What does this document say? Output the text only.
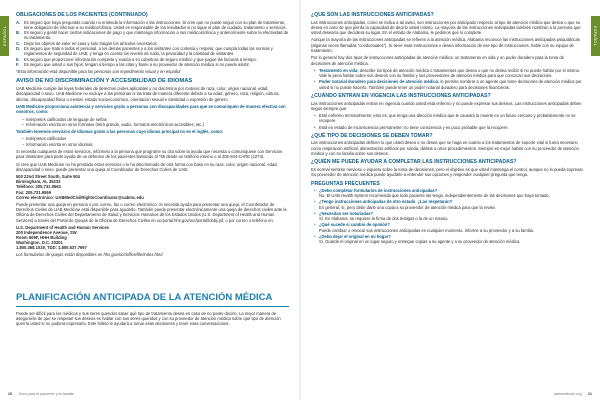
ESPAÑOL
OBLIGACIONES DE LOS PACIENTES (CONTINUADO)
A. Es seguro que haya preguntas cuando no entienda la información o las instrucciones. Si cree que no puede seguir con su plan de tratamiento, tiene obligación de informar a su médico/clínica. Usted es responsable de los resultados si no sigue el plan de cuidado, tratamiento o servicios.
B. Es seguro y gentil hacer ciertas indicaciones de pago y que mantenga información a sus médicos/clínica y anteriormente sobre la efectividad de su tratamiento.
C. Dejar los objetos de valor en casa y solo traigan los artículos necesarios.
D. Es seguro que trate a todos el personal, a los demás pacientes y a los visitantes con cortesía y respeto; que cumpla todas las normas y reglamentos de seguridad de UAB; y tenga en cuenta los niveles de ruido, la privacidad y la cantidad de visitantes.
E. Es seguro que proporcione información completa y exacta a su cobertura de seguro médico y que pague las facturas a tiempo.
F.	Es seguro que usted o sus hijos, tengan a tiempo a las citas y llame a su proveedor de atención médica si no puede asistir.

*Esta información está disponible para las personas con impedimento visual y en español

AVISO DE NO DISCRIMINACIÓN Y ACCESIBILIDAD DE IDIOMAS

UAB Medicine cumple las leyes federales de derechos civiles aplicables y no discrimina por motivos de raza, color, origen nacional, edad, discapacidad o sexo. UAB Medicine no excluye a las personas ni las trata de manera diferente debido a su edad, género, raza, religión, cultura, idioma, discapacidad física o mental, estado socioeconómico, orientación sexual e identidad o expresión de género.

UAB Medicine proporciona asistencia y servicios gratis a personas con discapacidades para que se comuniquen de manera efectiva con nosotros, como:

– Intérpretes calificados de lenguaje de señas
– Información escrita en otros formatos (letra grande, audio, formatos electrónicos accesibles, etc.)

También tenemos servicios de idiomas gratis a las personas cuyo idioma principal no es el inglés, como:

– Intérpretes calificados
– Información escrita en otros idiomas

Si necesita cualquiera de estos servicios, infórmelo a la persona que programe su cita sobre la ayuda que necesita o comuníquese con Servicios para Visitantes para pedir ayuda de un defensor de los pacientes llamando al *55 desde un teléfono interno o al 205-934-CARE (2273).

Si cree que UAB Medicine no ha prestado estos servicios o lo ha discriminado de otra forma con base en su raza, color, origen nacional, edad, discapacidad o sexo, puede presentar una queja al Coordinador de Derechos Civiles de UAB:

500 22nd Street South, Suite 504
Birmingham, AL 35233
Teléfono: 205.731.9563
Fax: 205.731.9559
Correo electrónico: UABMedCivilRightsCoordinator@uabmc.edu

Puede presentar una queja en persona o por correo, fax o correo electrónico. Si necesita ayuda para presentar una queja, el Coordinador de Derechos Civiles de UAB Medicine está disponible para ayudarlo. También puede presentar electrónicamente una queja de derechos civiles ante la Oficina de Derechos Civiles del Departamento de Salud y Servicios Humanos de los Estados Unidos (U.S. Department of Health and Human Services) a través del Portal de Quejas de la Oficina de Derechos Civiles en ocrportal.hhs.gov/ocr/portal/lobby.jsf, o por correo o teléfono en:

U.S. Department of Health and Human Services
200 Independence Avenue, SW
Room 509F, HHH Building
Washington, D.C. 20201
1.800.368.1019, TDD: 1.800.537.7697

Los formularios de quejas están disponibles en hhs.gov/ocr/office/file/index.html.

PLANIFICACIÓN ANTICIPADA DE LA ATENCIÓN MÉDICA

Puede ser difícil para los médicos y sus seres queridos saber qué tipo de tratamiento desea en caso de no poder decirlo. La mejor manera de asegurarse de que se respetan sus deseos es hablar con sus seres queridos y con su proveedor de atención médica sobre qué tipo de atención querría usted si no pudiera expresarlo. Este folleto le ayudará a tomar esas decisiones y tener esas conversaciones.

20 Guía para el paciente y la familia
ESPAÑOL
¿QUÉ SON LAS INSTRUCCIONES ANTICIPADAS?

Las instrucciones anticipadas, como se indica a tal aviso, son instrucciones por anticipado respecto al tipo de atención médica que desea o que no desea en caso de que pierda la capacidad de decirlo usted mismo. La mayoría de las instrucciones anticipadas también nombran a la persona que usted desearía que decidiera su lugar. En el estado de Alabama, le pedimos que lo complete.

Aunque la mayoría de las instrucciones anticipadas se refieren a la atención médica, Alabama reconoce las instrucciones anticipadas psiquiátricas (algunas veces llamadas "conductuales"). Si tiene esas instrucciones o desea información de ese tipo de instrucciones, hable con su equipo de tratamiento.

Por lo general hay dos tipos de instrucciones anticipadas de atención médica: un testamento en vida y un poder duradero para la toma de decisiones de atención médica.

• Testamento en vida: describe los tipos de atención médica o tratamientos que desea o que no desea recibir si no puede hablar por sí mismo. Vale la pena hablar sobre sus deseos con su familia y sus proveedores de atención médica para que conozcan sus decisiones.
• Poder notarial duradero para decisiones de atención médica: le permite nombrar a un agente que tome decisiones de atención médica por usted si no puede hacerlo. También puede tener un poder notarial duradero para decisiones financieras.
¿CUÁNDO ENTRAN EN VIGENCIA LAS INSTRUCCIONES ANTICIPADAS?

Las instrucciones anticipadas entran en vigencia cuando usted está enfermo y no puede expresar sus deseos. Las instrucciones anticipadas deben seguir siempre que:

• Esté enfermo terminalmente: esto es, que tenga una afección médica que le causará la muerte en un futuro cercano y probablemente no se recupere.
• Está en estado de inconsciencia permanente: no tiene consciencia y es poco probable que la recupere.
¿QUÉ TIPO DE DECISIONES SE DEBEN TOMAR?

Las instrucciones anticipadas definen lo que usted desea o no desea que se haga en cuanto a los tratamientos de soporte vital si fuera necesario como respiración artificial, alimentación artificial por sonda, diálisis u otros procedimientos. Siempre es mejor hablar con su proveedor de atención médica y con su familia sobre sus deseos.

¿QUIÉN ME PUEDE AYUDAR A COMPLETAR LAS INSTRUCCIONES ANTICIPADAS?

Es normal sentirse nervioso o inquieto sobre la toma de decisiones, pero el objetivo es que usted mantenga el control, aunque no lo pueda expresar. Su proveedor de atención médica puede ayudarle a entender sus opciones y responder cualquier pregunta que tenga.

PREGUNTAS FRECUENTES
• ¿Debo completar formularios de instrucciones anticipadas?
No. El UAB Health System recomienda que todo paciente las tenga, independientemente de las decisiones que haya tomado.
• ¿Tengo instrucciones anticipadas de otro estado. ¿Las respetarán?
En general, sí, pero debe darle una copia a su proveedor de atención médica para que la revise.
• ¿Necesitan ser notariadas?
Sí. En Alabama, se requiere la firma de dos testigos o la de un notario.
• ¿Qué sucede si cambio de opinión?
Puede cambiar o revocar sus instrucciones anticipadas en cualquier momento. Informe a su proveedor y a su familia.
• ¿Debo dejar el original en mi hogar?
Sí. Guarde el original en un lugar seguro y entregue copias a su agente y a su proveedor de atención médica.
uabmedicine.org 21
